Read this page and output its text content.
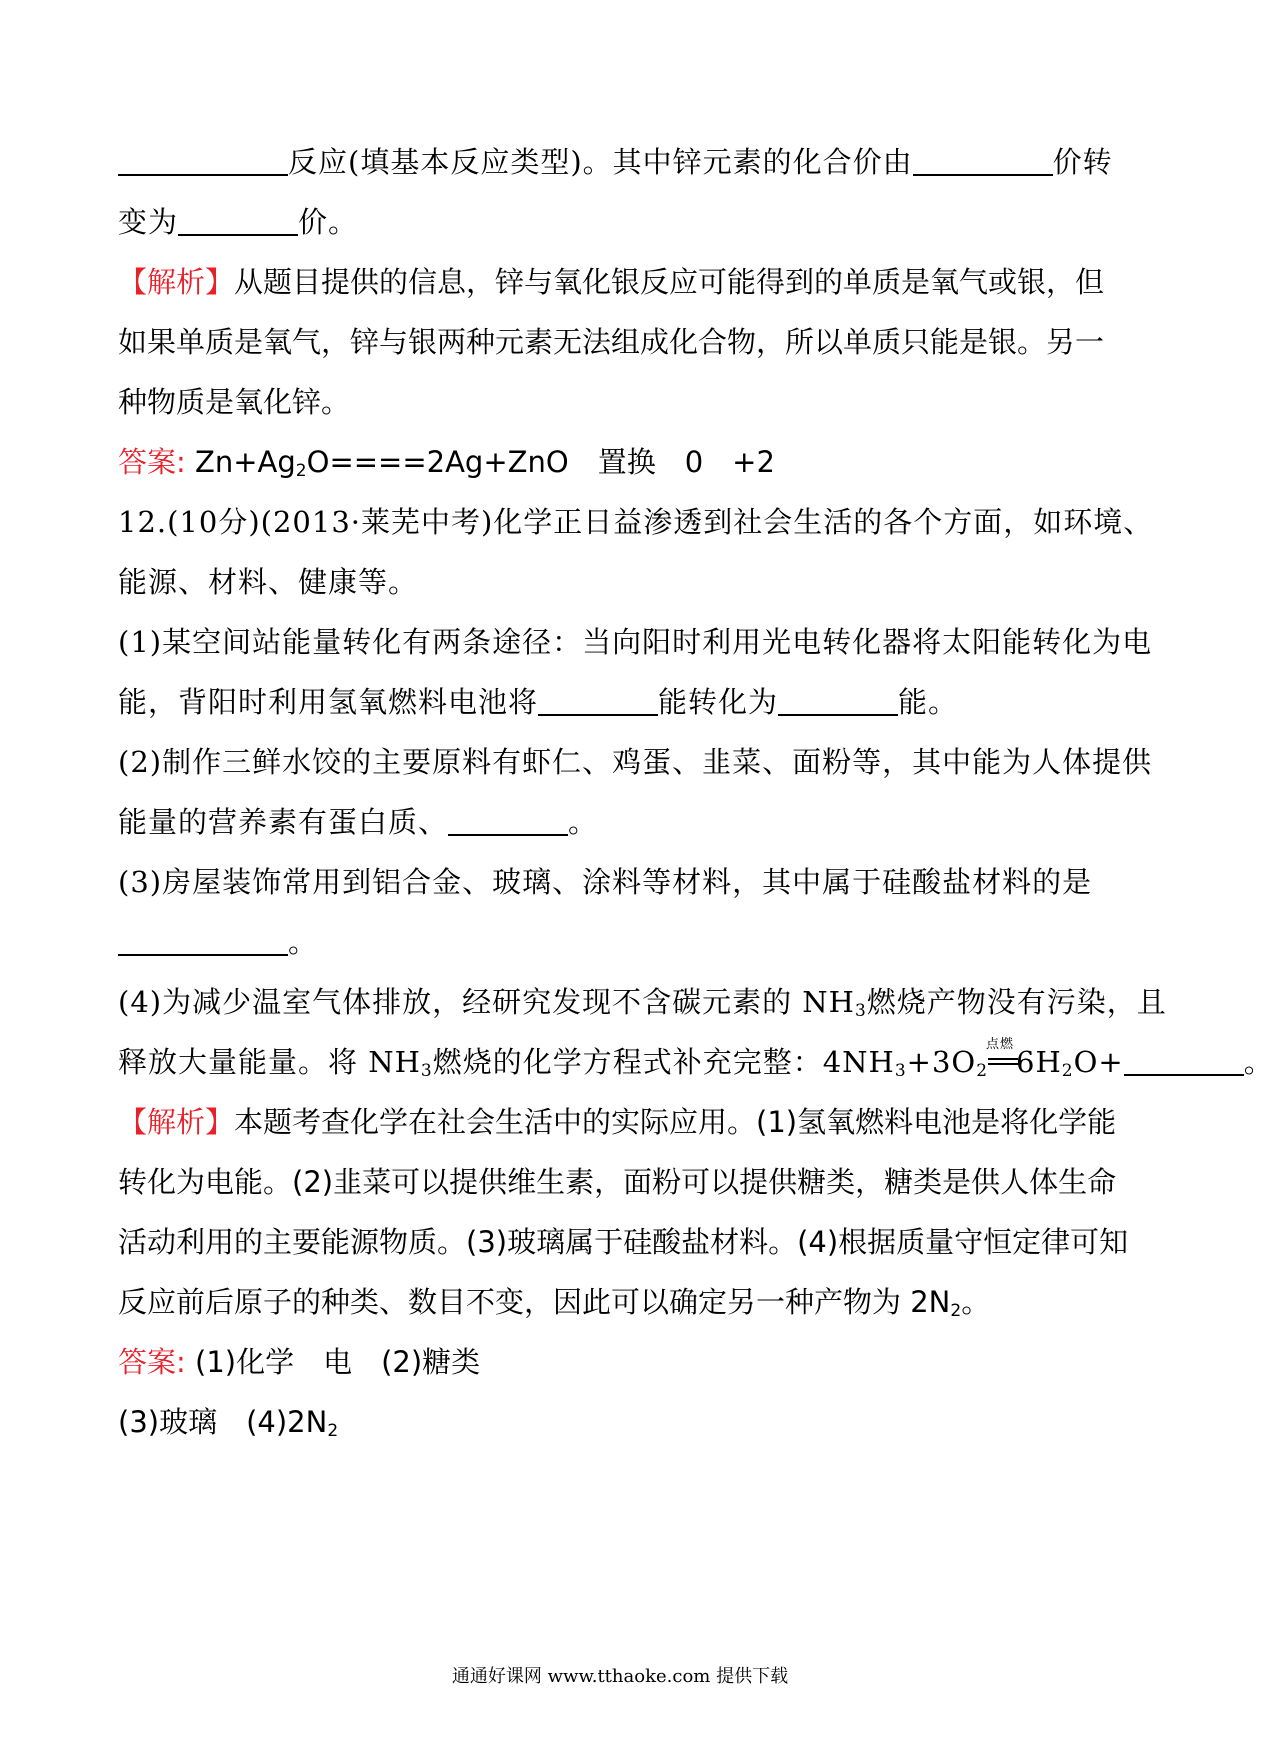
反应(填基本反应类型)。其中锌元素的化合价由	价转
变为	价。
【解析】从题目提供的信息，锌与氧化银反应可能得到的单质是氧气或银，但
如果单质是氧气，锌与银两种元素无法组成化合物，所以单质只能是银。另一
种物质是氧化锌。
答案: $Zn+Ag_2O====2Ag+ZnO$　置换　0　+2
12.(10分)(2013·莱芜中考)化学正日益渗透到社会生活的各个方面，如环境、
能源、材料、健康等。
(1)某空间站能量转化有两条途径：当向阳时利用光电转化器将太阳能转化为电
能，背阳时利用氢氧燃料电池将	能转化为	能。
(2)制作三鲜水饺的主要原料有虾仁、鸡蛋、韭菜、面粉等，其中能为人体提供
能量的营养素有蛋白质、	。
(3)房屋装饰常用到铝合金、玻璃、涂料等材料，其中属于硅酸盐材料的是
。
(4)为减少温室气体排放，经研究发现不含碳元素的 $NH_3$燃烧产物没有污染，且
释放大量能量。将 $NH_3$燃烧的化学方程式补充完整：$4NH_3+3O_2$
点燃
$6H_2O+$	。
【解析】本题考查化学在社会生活中的实际应用。(1)氢氧燃料电池是将化学能
转化为电能。(2)韭菜可以提供维生素，面粉可以提供糖类，糖类是供人体生命
活动利用的主要能源物质。(3)玻璃属于硅酸盐材料。(4)根据质量守恒定律可知
反应前后原子的种类、数目不变，因此可以确定另一种产物为 $2N_2$。
答案: (1)化学　电　(2)糖类
(3)玻璃　$(4)2N_2$
通通好课网 www.tthaoke.com 提供下载
